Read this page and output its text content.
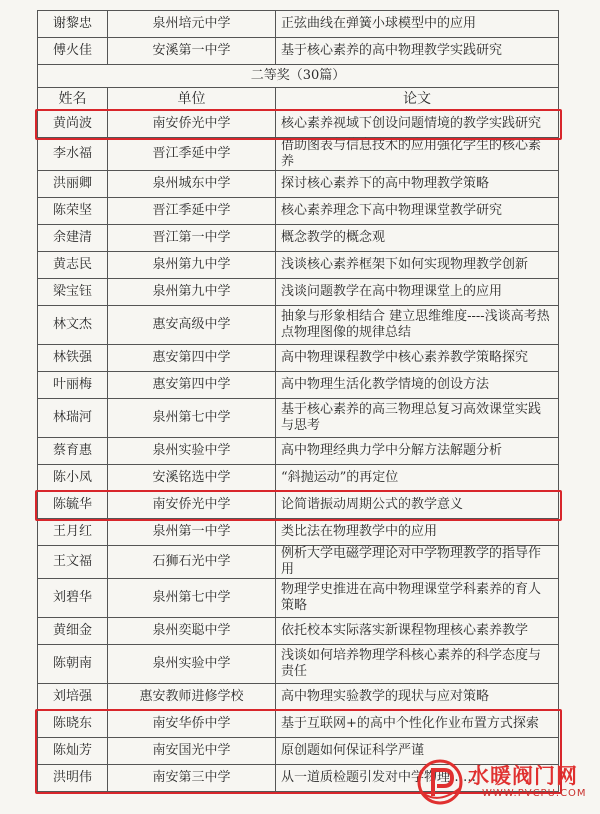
谢黎忠	泉州培元中学	正弦曲线在弹簧小球模型中的应用
傅火佳	安溪第一中学	基于核心素养的高中物理教学实践研究
二等奖（30篇）		
姓名	单位	论文
黄尚波	南安侨光中学	核心素养视域下创设问题情境的教学实践研究
李水福	晋江季延中学	借助图表与信息技术的应用强化学生的核心素养
洪丽卿	泉州城东中学	探讨核心素养下的高中物理教学策略
陈荣坚	晋江季延中学	核心素养理念下高中物理课堂教学研究
余建清	晋江第一中学	概念教学的概念观
黄志民	泉州第九中学	浅谈核心素养框架下如何实现物理教学创新
梁宝钰	泉州第九中学	浅谈问题教学在高中物理课堂上的应用
林文杰	惠安高级中学	抽象与形象相结合 建立思维维度----浅谈高考热点物理图像的规律总结
林铁强	惠安第四中学	高中物理课程教学中核心素养教学策略探究
叶丽梅	惠安第四中学	高中物理生活化教学情境的创设方法
林瑞河	泉州第七中学	基于核心素养的高三物理总复习高效课堂实践与思考
蔡育惠	泉州实验中学	高中物理经典力学中分解方法解题分析
陈小凤	安溪铭选中学	“斜抛运动”的再定位
陈毓华	南安侨光中学	论简谐振动周期公式的教学意义
王月红	泉州第一中学	类比法在物理教学中的应用
王文福	石狮石光中学	例析大学电磁学理论对中学物理教学的指导作用
刘碧华	泉州第七中学	物理学史推进在高中物理课堂学科素养的育人策略
黄细金	泉州奕聪中学	依托校本实际落实新课程物理核心素养教学
陈朝南	泉州实验中学	浅谈如何培养物理学科核心素养的科学态度与责任
刘培强	惠安教师进修学校	高中物理实验教学的现状与应对策略
陈晓东	南安华侨中学	基于互联网+的高中个性化作业布置方式探索
陈灿芳	南安国光中学	原创题如何保证科学严谨
洪明伟	南安第三中学	从一道质检题引发对中学物理……
水暖阀门网
WWW.PVCPU.COM
